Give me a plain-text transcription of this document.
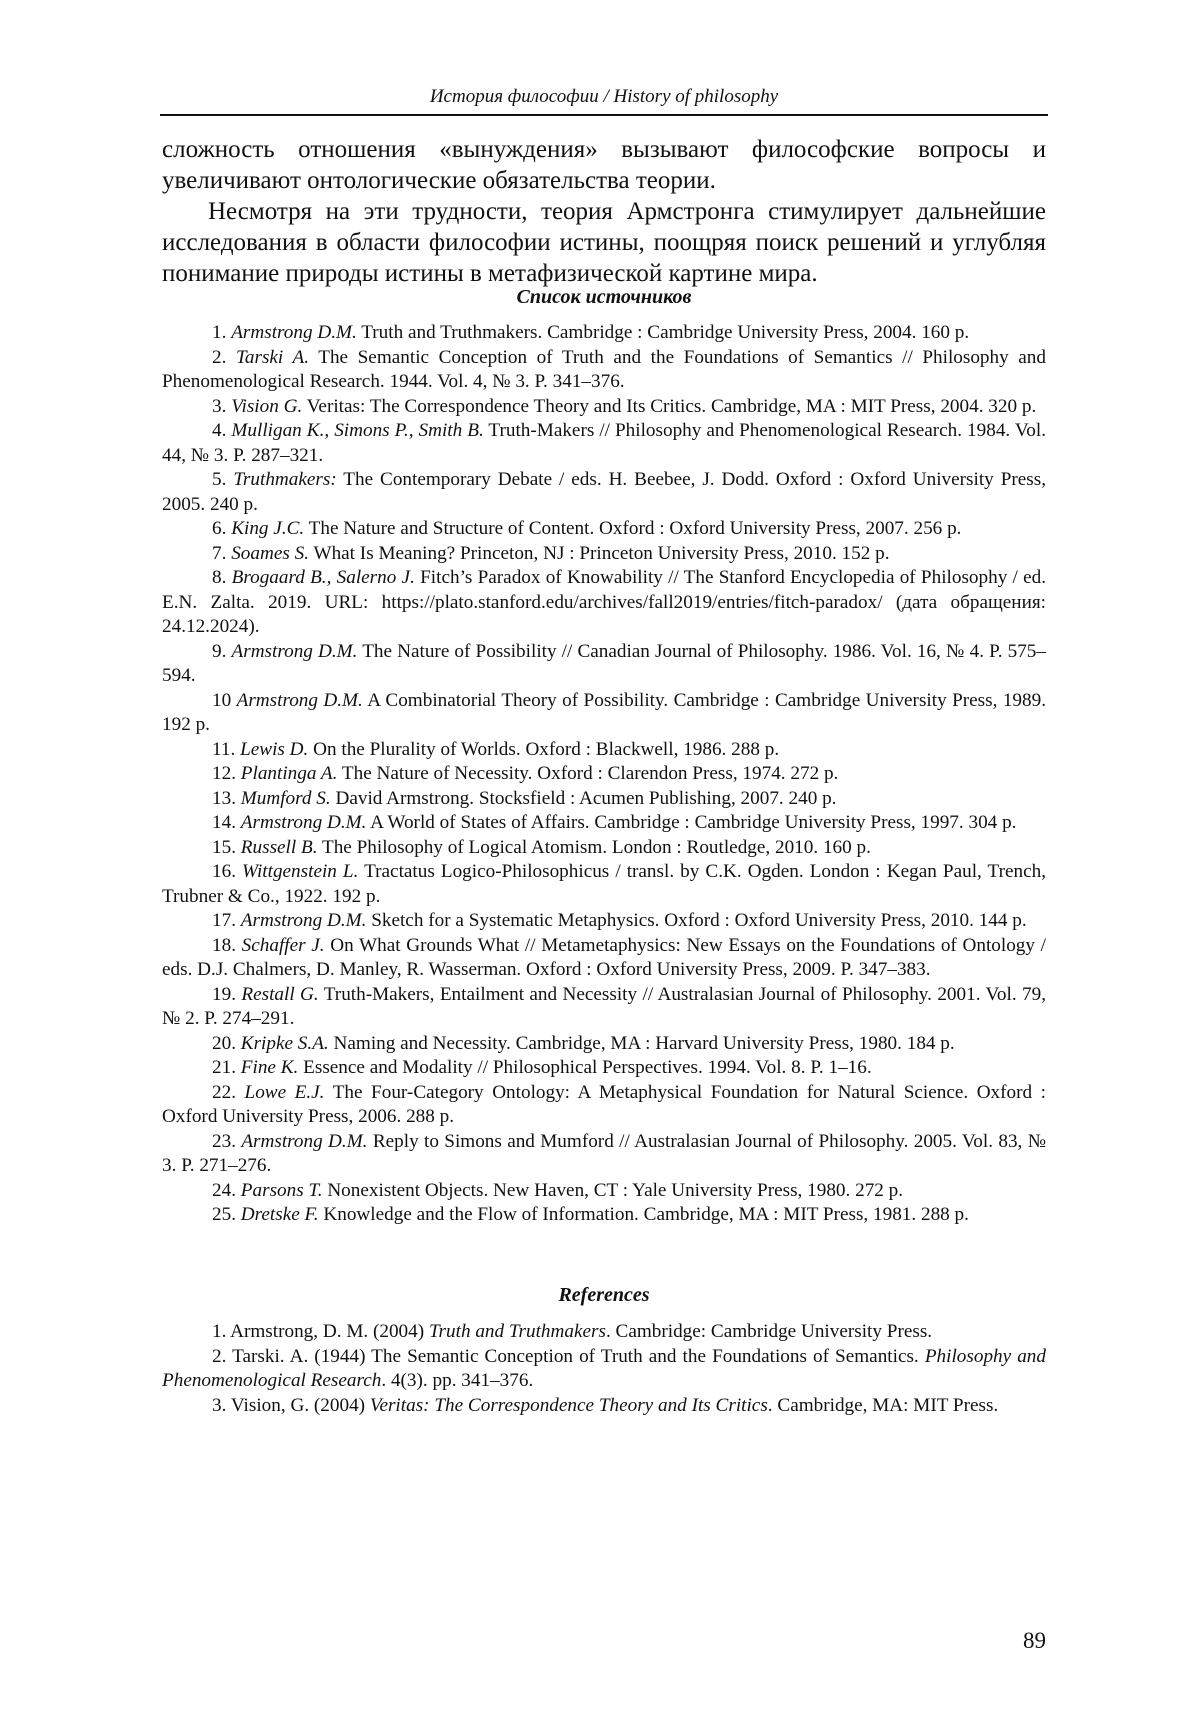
История философии / History of philosophy

сложность отношения «вынуждения» вызывают философские вопросы и увеличивают онтологические обязательства теории.

Несмотря на эти трудности, теория Армстронга стимулирует дальнейшие исследования в области философии истины, поощряя поиск решений и углубляя понимание природы истины в метафизической картине мира.

Список источников
1. Armstrong D.M. Truth and Truthmakers. Cambridge : Cambridge University Press, 2004. 160 p.
2. Tarski A. The Semantic Conception of Truth and the Foundations of Semantics // Philosophy and Phenomenological Research. 1944. Vol. 4, № 3. P. 341–376.
3. Vision G. Veritas: The Correspondence Theory and Its Critics. Cambridge, MA : MIT Press, 2004. 320 p.
4. Mulligan K., Simons P., Smith B. Truth-Makers // Philosophy and Phenomenological Research. 1984. Vol. 44, № 3. P. 287–321.
5. Truthmakers: The Contemporary Debate / eds. H. Beebee, J. Dodd. Oxford : Oxford University Press, 2005. 240 p.
6. King J.C. The Nature and Structure of Content. Oxford : Oxford University Press, 2007. 256 p.
7. Soames S. What Is Meaning? Princeton, NJ : Princeton University Press, 2010. 152 p.
8. Brogaard B., Salerno J. Fitch’s Paradox of Knowability // The Stanford Encyclopedia of Philosophy / ed. E.N. Zalta. 2019. URL: https://plato.stanford.edu/archives/fall2019/entries/fitch-paradox/ (дата обращения: 24.12.2024).
9. Armstrong D.M. The Nature of Possibility // Canadian Journal of Philosophy. 1986. Vol. 16, № 4. P. 575–594.
10 Armstrong D.M. A Combinatorial Theory of Possibility. Cambridge : Cambridge University Press, 1989. 192 p.
11. Lewis D. On the Plurality of Worlds. Oxford : Blackwell, 1986. 288 p.
12. Plantinga A. The Nature of Necessity. Oxford : Clarendon Press, 1974. 272 p.
13. Mumford S. David Armstrong. Stocksfield : Acumen Publishing, 2007. 240 p.
14. Armstrong D.M. A World of States of Affairs. Cambridge : Cambridge University Press, 1997. 304 p.
15. Russell B. The Philosophy of Logical Atomism. London : Routledge, 2010. 160 p.
16. Wittgenstein L. Tractatus Logico-Philosophicus / transl. by C.K. Ogden. London : Kegan Paul, Trench, Trubner & Co., 1922. 192 p.
17. Armstrong D.M. Sketch for a Systematic Metaphysics. Oxford : Oxford University Press, 2010. 144 p.
18. Schaffer J. On What Grounds What // Metametaphysics: New Essays on the Foundations of Ontology / eds. D.J. Chalmers, D. Manley, R. Wasserman. Oxford : Oxford University Press, 2009. P. 347–383.
19. Restall G. Truth-Makers, Entailment and Necessity // Australasian Journal of Philosophy. 2001. Vol. 79, № 2. P. 274–291.
20. Kripke S.A. Naming and Necessity. Cambridge, MA : Harvard University Press, 1980. 184 p.
21. Fine K. Essence and Modality // Philosophical Perspectives. 1994. Vol. 8. P. 1–16.
22. Lowe E.J. The Four-Category Ontology: A Metaphysical Foundation for Natural Science. Oxford : Oxford University Press, 2006. 288 p.
23. Armstrong D.M. Reply to Simons and Mumford // Australasian Journal of Philosophy. 2005. Vol. 83, № 3. P. 271–276.
24. Parsons T. Nonexistent Objects. New Haven, CT : Yale University Press, 1980. 272 p.
25. Dretske F. Knowledge and the Flow of Information. Cambridge, MA : MIT Press, 1981. 288 p.
References
1. Armstrong, D. M. (2004) Truth and Truthmakers. Cambridge: Cambridge University Press.
2. Tarski. A. (1944) The Semantic Conception of Truth and the Foundations of Semantics. Philosophy and Phenomenological Research. 4(3). pp. 341–376.
3. Vision, G. (2004) Veritas: The Correspondence Theory and Its Critics. Cambridge, MA: MIT Press.
89
